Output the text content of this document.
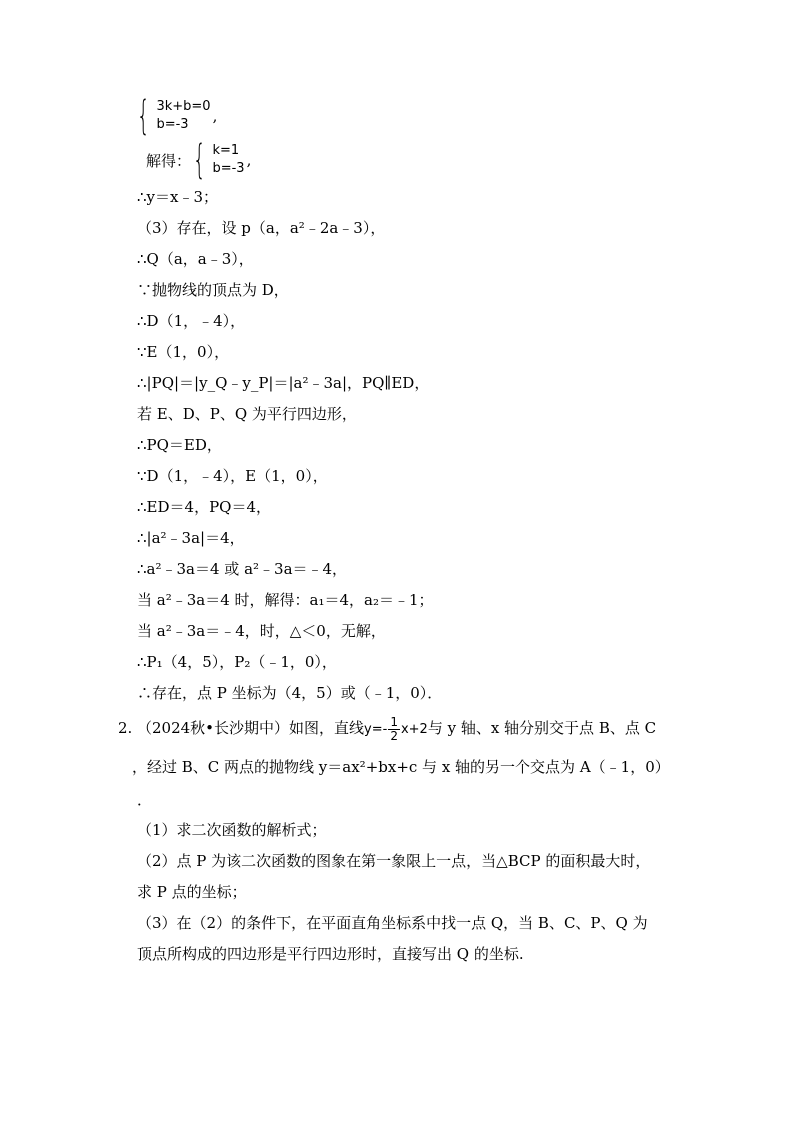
{ 3k+b=0
b=-3	,
解得： { k=1
b=-3 ,
∴y＝x﹣3；
（3）存在，设 p（a，a²﹣2a﹣3），
∴Q（a，a﹣3），
∵抛物线的顶点为 D，
∴D（1，﹣4），
∵E（1，0），
∴|PQ|＝|y_Q﹣y_P|＝|a²﹣3a|，PQ∥ED，
若 E、D、P、Q 为平行四边形，
∴PQ＝ED，
∵D（1，﹣4），E（1，0），
∴ED＝4，PQ＝4，
∴|a²﹣3a|＝4，
∴a²﹣3a＝4 或 a²﹣3a＝﹣4，
当 a²﹣3a＝4 时，解得：a₁＝4，a₂＝﹣1；
当 a²﹣3a＝﹣4，时，△＜0，无解，
∴P₁（4，5），P₂（﹣1，0），
∴存在，点 P 坐标为（4，5）或（﹣1，0）．
2. （2024秋•长沙期中）如图，直线$y=- \frac{1}{2} x+2$与 y 轴、x 轴分别交于点 B、点 C
，经过 B、C 两点的抛物线 y＝ax²+bx+c 与 x 轴的另一个交点为 A（﹣1，0）
．
（1）求二次函数的解析式；
（2）点 P 为该二次函数的图象在第一象限上一点，当△BCP 的面积最大时，
求 P 点的坐标；
（3）在（2）的条件下，在平面直角坐标系中找一点 Q，当 B、C、P、Q 为
顶点所构成的四边形是平行四边形时，直接写出 Q 的坐标.
